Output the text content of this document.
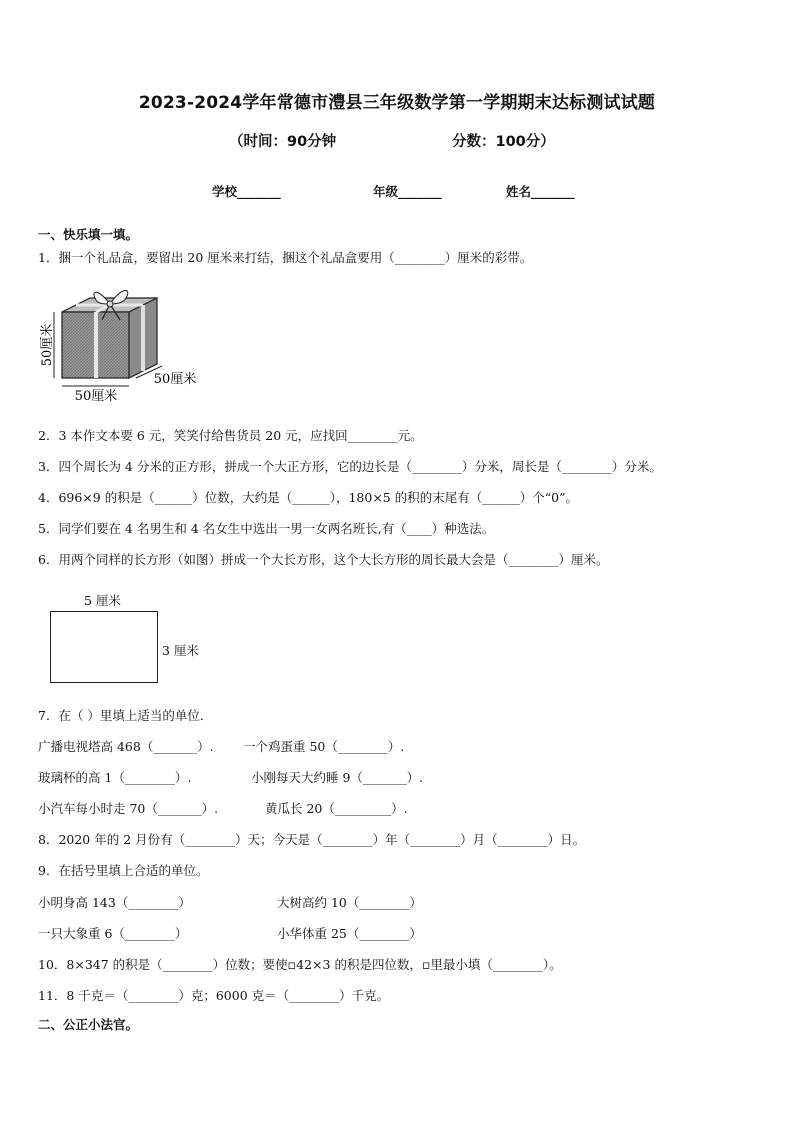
2023-2024学年常德市澧县三年级数学第一学期期末达标测试试题
（时间：90分钟	分数：100分）
学校_______	年级_______	姓名_______
一、快乐填一填。
1．捆一个礼品盒，要留出 20 厘米来打结，捆这个礼品盒要用（________）厘米的彩带。
50厘米
50厘米
50厘米
2．3 本作文本要 6 元，笑笑付给售货员 20 元，应找回________元。
3．四个周长为 4 分米的正方形，拼成一个大正方形，它的边长是（________）分米，周长是（________）分米。
4．696×9 的积是（______）位数，大约是（______），180×5 的积的末尾有（______）个“0”。
5．同学们要在 4 名男生和 4 名女生中选出一男一女两名班长,有（____）种选法。
6．用两个同样的长方形（如图）拼成一个大长方形，这个大长方形的周长最大会是（________）厘米。
5 厘米
3 厘米
7．在（ ）里填上适当的单位．
广播电视塔高 468（_______）. 一个鸡蛋重 50（________）.
玻璃杯的高 1（________）.	小刚每天大约睡 9（_______）.
小汽车每小时走 70（_______）.	黄瓜长 20（_________）.
8．2020 年的 2 月份有（________）天；今天是（________）年（________）月（________）日。
9．在括号里填上合适的单位。
小明身高 143（________）	大树高约 10（________）
一只大象重 6（________）	小华体重 25（________）
10．8×347 的积是（________）位数；要使▫42×3 的积是四位数，▫里最小填（________）。
11．8 千克＝（________）克；6000 克＝（________）千克。
二、公正小法官。
